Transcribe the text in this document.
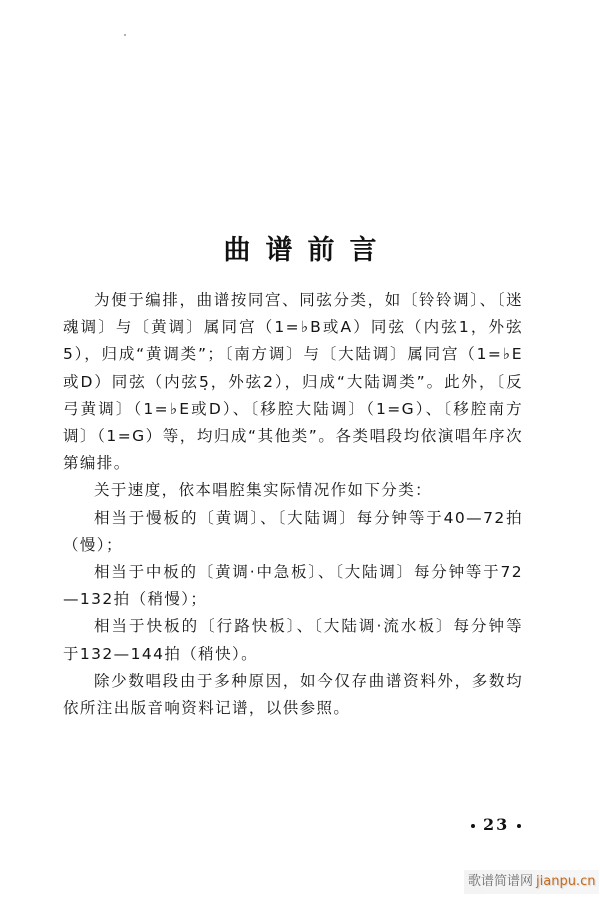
曲谱前言

为便于编排，曲谱按同宫、同弦分类，如〔铃铃调〕、〔迷魂调〕与〔黄调〕属同宫（1=♭B或A）同弦（内弦1，外弦5），归成“黄调类”；〔南方调〕与〔大陆调〕属同宫（1=♭E或D）同弦（内弦5̣，外弦2），归成“大陆调类”。此外，〔反弓黄调〕（1=♭E或D）、〔移腔大陆调〕（1=G）、〔移腔南方调〕（1=G）等，均归成“其他类”。各类唱段均依演唱年序次第编排。

关于速度，依本唱腔集实际情况作如下分类：

相当于慢板的〔黄调〕、〔大陆调〕每分钟等于40—72拍（慢）；

相当于中板的〔黄调·中急板〕、〔大陆调〕每分钟等于72—132拍（稍慢）；

相当于快板的〔行路快板〕、〔大陆调·流水板〕每分钟等于132—144拍（稍快）。

除少数唱段由于多种原因，如今仅存曲谱资料外，多数均依所注出版音响资料记谱，以供参照。

23
歌谱简谱网 jianpu.cn
